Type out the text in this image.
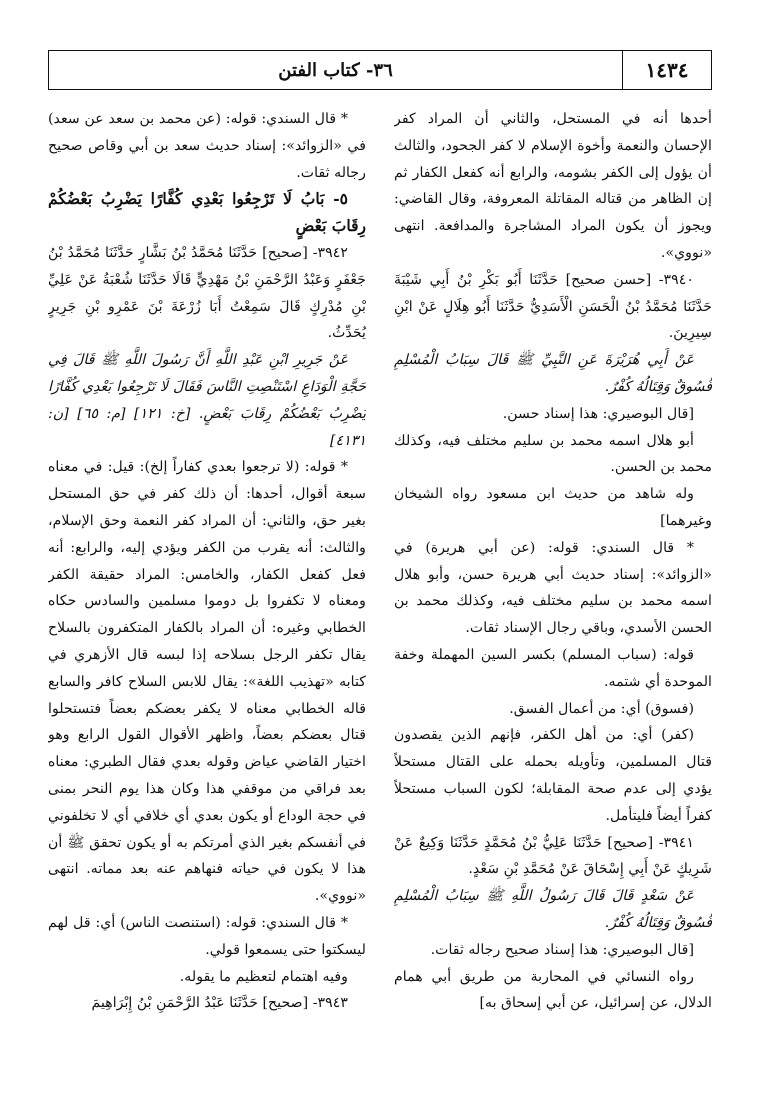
١٤٣٤
٣٦- كتاب الفتن

أحدها أنه في المستحل، والثاني أن المراد كفر الإحسان والنعمة وأخوة الإسلام لا كفر الجحود، والثالث أن يؤول إلى الكفر بشومه، والرابع أنه كفعل الكفار ثم إن الظاهر من قتاله المقاتلة المعروفة، وقال القاضي: ويجوز أن يكون المراد المشاجرة والمدافعة. انتهى «نووي».

٣٩٤٠- [حسن صحيح] حَدَّثَنَا أَبُو بَكْرِ بْنُ أَبِي شَيْبَةَ حَدَّثَنَا مُحَمَّدُ بْنُ الْحَسَنِ الْأَسَدِيُّ حَدَّثَنَا أَبُو هِلَالٍ عَنْ ابْنِ سِيرِينَ.

عَنْ أَبِي هُرَيْرَةَ عَنِ النَّبِيِّ ﷺ قَالَ سِبَابُ الْمُسْلِمِ فُسُوقٌ وَقِتَالُهُ كُفْرٌ.

[قال البوصيري: هذا إسناد حسن.

أبو هلال اسمه محمد بن سليم مختلف فيه، وكذلك محمد بن الحسن.

وله شاهد من حديث ابن مسعود رواه الشيخان وغيرهما]

* قال السندي: قوله: (عن أبي هريرة) في «الزوائد»: إسناد حديث أبي هريرة حسن، وأبو هلال اسمه محمد بن سليم مختلف فيه، وكذلك محمد بن الحسن الأسدي، وباقي رجال الإسناد ثقات.

قوله: (سباب المسلم) بكسر السين المهملة وخفة الموحدة أي شتمه.

(فسوق) أي: من أعمال الفسق.

(كفر) أي: من أهل الكفر، فإنهم الذين يقصدون قتال المسلمين، وتأويله بحمله على القتال مستحلاً يؤدي إلى عدم صحة المقابلة؛ لكون السباب مستحلاً كفراً أيضاً فليتأمل.

٣٩٤١- [صحيح] حَدَّثَنَا عَلِيُّ بْنُ مُحَمَّدٍ حَدَّثَنَا وَكِيعٌ عَنْ شَرِيكٍ عَنْ أَبِي إِسْحَاقَ عَنْ مُحَمَّدِ بْنِ سَعْدٍ.

عَنْ سَعْدٍ قَالَ قَالَ رَسُولُ اللَّهِ ﷺ سِبَابُ الْمُسْلِمِ فُسُوقٌ وَقِتَالُهُ كُفْرٌ.

[قال البوصيري: هذا إسناد صحيح رجاله ثقات.

رواه النسائي في المحاربة من طريق أبي همام الدلال، عن إسرائيل، عن أبي إسحاق به]

* قال السندي: قوله: (عن محمد بن سعد عن سعد) في «الزوائد»: إسناد حديث سعد بن أبي وقاص صحيح رجاله ثقات.

٥- بَابُ لَا تَرْجِعُوا بَعْدِي كُفَّارًا يَضْرِبُ بَعْضُكُمْ رِقَابَ بَعْضٍ

٣٩٤٢- [صحيح] حَدَّثَنَا مُحَمَّدُ بْنُ بَشَّارٍ حَدَّثَنَا مُحَمَّدُ بْنُ جَعْفَرٍ وَعَبْدُ الرَّحْمَنِ بْنُ مَهْدِيٍّ قَالَا حَدَّثَنَا شُعْبَةُ عَنْ عَلِيِّ بْنِ مُدْرِكٍ قَالَ سَمِعْتُ أَبَا زُرْعَةَ بْنَ عَمْرِو بْنِ جَرِيرٍ يُحَدِّثُ.

عَنْ جَرِيرِ ابْنِ عَبْدِ اللَّهِ أَنَّ رَسُولَ اللَّهِ ﷺ قَالَ فِي حَجَّةِ الْوَدَاعِ اسْتَنْصِتِ النَّاسَ فَقَالَ لَا تَرْجِعُوا بَعْدِي كُفَّارًا يَضْرِبُ بَعْضُكُمْ رِقَابَ بَعْضٍ. [خ: ١٢١] [م: ٦٥] [ن: ٤١٣١]

* قوله: (لا ترجعوا بعدي كفاراً إلخ): قيل: في معناه سبعة أقوال، أحدها: أن ذلك كفر في حق المستحل بغير حق، والثاني: أن المراد كفر النعمة وحق الإسلام، والثالث: أنه يقرب من الكفر ويؤدي إليه، والرابع: أنه فعل كفعل الكفار، والخامس: المراد حقيقة الكفر ومعناه لا تكفروا بل دوموا مسلمين والسادس حكاه الخطابي وغيره: أن المراد بالكفار المتكفرون بالسلاح يقال تكفر الرجل بسلاحه إذا لبسه قال الأزهري في كتابه «تهذيب اللغة»: يقال للابس السلاح كافر والسابع قاله الخطابي معناه لا يكفر بعضكم بعضاً فتستحلوا قتال بعضكم بعضاً، واظهر الأقوال القول الرابع وهو اختيار القاضي عياض وقوله بعدي فقال الطبري: معناه بعد فراقي من موقفي هذا وكان هذا يوم النحر بمنى في حجة الوداع أو يكون بعدي أي خلافي أي لا تخلفوني في أنفسكم بغير الذي أمرتكم به أو يكون تحقق ﷺ أن هذا لا يكون في حياته فنهاهم عنه بعد مماته. انتهى «نووي».

* قال السندي: قوله: (استنصت الناس) أي: قل لهم ليسكتوا حتى يسمعوا قولي.

وفيه اهتمام لتعظيم ما يقوله.

٣٩٤٣- [صحيح] حَدَّثَنَا عَبْدُ الرَّحْمَنِ بْنُ إِبْرَاهِيمَ
